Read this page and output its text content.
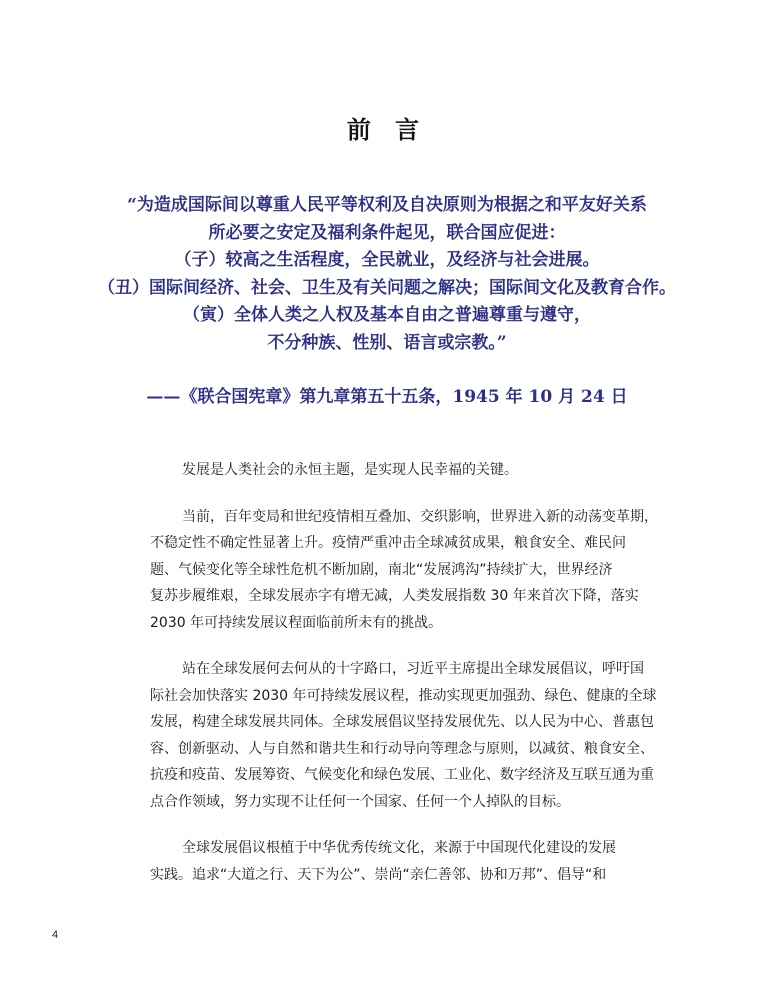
前 言
“为造成国际间以尊重人民平等权利及自决原则为根据之和平友好关系
所必要之安定及福利条件起见，联合国应促进：
（子）较高之生活程度，全民就业，及经济与社会进展。
（丑）国际间经济、社会、卫生及有关问题之解决；国际间文化及教育合作。
（寅）全体人类之人权及基本自由之普遍尊重与遵守，
不分种族、性别、语言或宗教。”
——《联合国宪章》第九章第五十五条，1945 年 10 月 24 日

发展是人类社会的永恒主题，是实现人民幸福的关键。

当前，百年变局和世纪疫情相互叠加、交织影响，世界进入新的动荡变革期，
不稳定性不确定性显著上升。疫情严重冲击全球减贫成果，粮食安全、难民问
题、气候变化等全球性危机不断加剧，南北“发展鸿沟”持续扩大，世界经济
复苏步履维艰，全球发展赤字有增无减，人类发展指数 30 年来首次下降，落实
2030 年可持续发展议程面临前所未有的挑战。

站在全球发展何去何从的十字路口，习近平主席提出全球发展倡议，呼吁国
际社会加快落实 2030 年可持续发展议程，推动实现更加强劲、绿色、健康的全球
发展，构建全球发展共同体。全球发展倡议坚持发展优先、以人民为中心、普惠包
容、创新驱动、人与自然和谐共生和行动导向等理念与原则，以减贫、粮食安全、
抗疫和疫苗、发展筹资、气候变化和绿色发展、工业化、数字经济及互联互通为重
点合作领域，努力实现不让任何一个国家、任何一个人掉队的目标。

全球发展倡议根植于中华优秀传统文化，来源于中国现代化建设的发展
实践。追求“大道之行、天下为公”、崇尚“亲仁善邻、协和万邦”、倡导“和

4
